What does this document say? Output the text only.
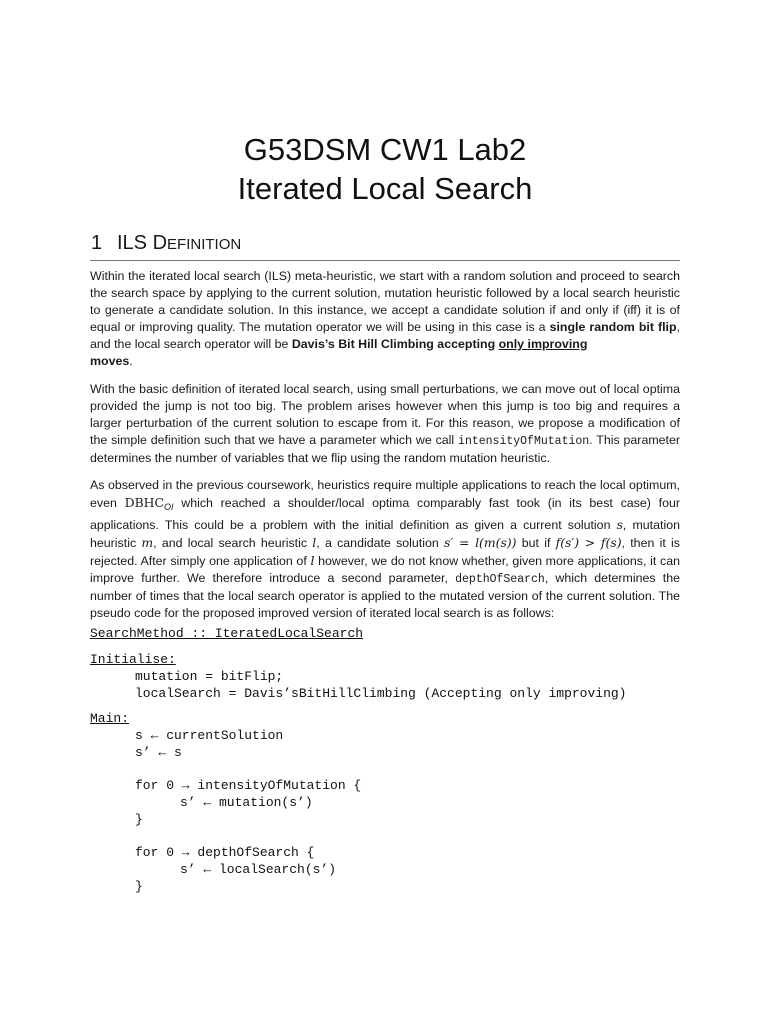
G53DSM CW1 Lab2
Iterated Local Search
1 ILS DEFINITION

Within the iterated local search (ILS) meta-heuristic, we start with a random solution and proceed to search the search space by applying to the current solution, mutation heuristic followed by a local search heuristic to generate a candidate solution. In this instance, we accept a candidate solution if and only if (iff) it is of equal or improving quality. The mutation operator we will be using in this case is a single random bit flip, and the local search operator will be Davis’s Bit Hill Climbing accepting only improving
moves.

With the basic definition of iterated local search, using small perturbations, we can move out of local optima provided the jump is not too big. The problem arises however when this jump is too big and requires a larger perturbation of the current solution to escape from it. For this reason, we propose a modification of the simple definition such that we have a parameter which we call intensityOfMutation. This parameter determines the number of variables that we flip using the random mutation heuristic.

As observed in the previous coursework, heuristics require multiple applications to reach the local optimum, even $DBHC_{OI}$ which reached a shoulder/local optima comparably fast took (in its best case) four applications. This could be a problem with the initial definition as given a current solution s, mutation heuristic m, and local search heuristic l, a candidate solution s′ = l(m(s)) but if f(s′) > f(s), then it is rejected. After simply one application of l however, we do not know whether, given more applications, it can improve further. We therefore introduce a second parameter, depthOfSearch, which determines the number of times that the local search operator is applied to the mutated version of the current solution. The pseudo code for the proposed improved version of iterated local search is as follows:

SearchMethod :: IteratedLocalSearch
Initialise:
mutation = bitFlip;
localSearch = Davis’sBitHillClimbing (Accepting only improving)
Main:
s ← currentSolution
s’ ← s
for 0 → intensityOfMutation {
s’ ← mutation(s’)
}
for 0 → depthOfSearch {
s’ ← localSearch(s’)
}
